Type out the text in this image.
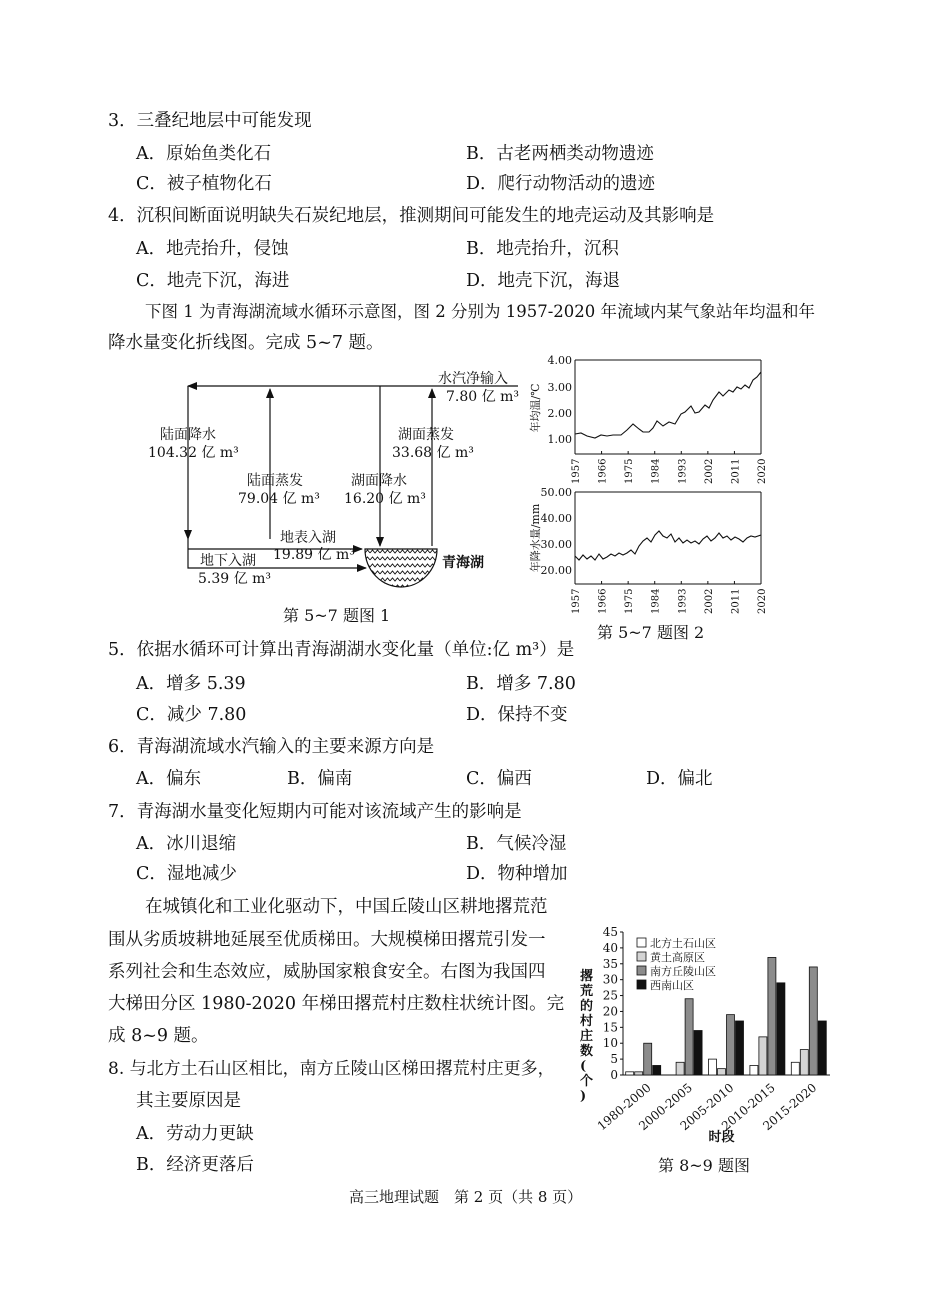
3．三叠纪地层中可能发现
A．原始鱼类化石	B．古老两栖类动物遗迹
C．被子植物化石	D．爬行动物活动的遗迹
4．沉积间断面说明缺失石炭纪地层，推测期间可能发生的地壳运动及其影响是
A．地壳抬升，侵蚀	B．地壳抬升，沉积
C．地壳下沉，海进	D．地壳下沉，海退
下图 1 为青海湖流域水循环示意图，图 2 分别为 1957-2020 年流域内某气象站年均温和年
降水量变化折线图。完成 5~7 题。
水汽净输入
7.80 亿 m³
陆面降水
104.32 亿 m³
湖面蒸发
33.68 亿 m³
陆面蒸发
79.04 亿 m³
湖面降水
16.20 亿 m³
地表入湖
19.89 亿 m³
地下入湖
5.39 亿 m³
青海湖
第 5~7 题图 1
年均温/℃
4.00
3.00
2.00
1.00
1957 1966 1975 1984 1993 2002 2011 2020
年降水量/mm
50.00
40.00
30.00
20.00
1957 1966 1975 1984 1993 2002 2011 2020
第 5~7 题图 2
5．依据水循环可计算出青海湖湖水变化量（单位:亿 m³）是
A．增多 5.39	B．增多 7.80
C．减少 7.80	D．保持不变
6．青海湖流域水汽输入的主要来源方向是
A．偏东	B．偏南	C．偏西	D．偏北
7．青海湖水量变化短期内可能对该流域产生的影响是
A．冰川退缩	B．气候冷湿
C．湿地减少	D．物种增加
在城镇化和工业化驱动下，中国丘陵山区耕地撂荒范
围从劣质坡耕地延展至优质梯田。大规模梯田撂荒引发一
系列社会和生态效应，威胁国家粮食安全。右图为我国四
大梯田分区 1980-2020 年梯田撂荒村庄数柱状统计图。完
成 8~9 题。
8. 与北方土石山区相比，南方丘陵山区梯田撂荒村庄更多，
其主要原因是
A．劳动力更缺
B．经济更落后
0
5
10
15
20
25
30
35
40
45
撂荒的村庄数(个) 1980-2000
2000-2005
2005-2010
2010-2015
2015-2020
时段
北方土石山区
黄土高原区
南方丘陵山区
西南山区
第 8~9 题图
高三地理试题　第 2 页（共 8 页）
